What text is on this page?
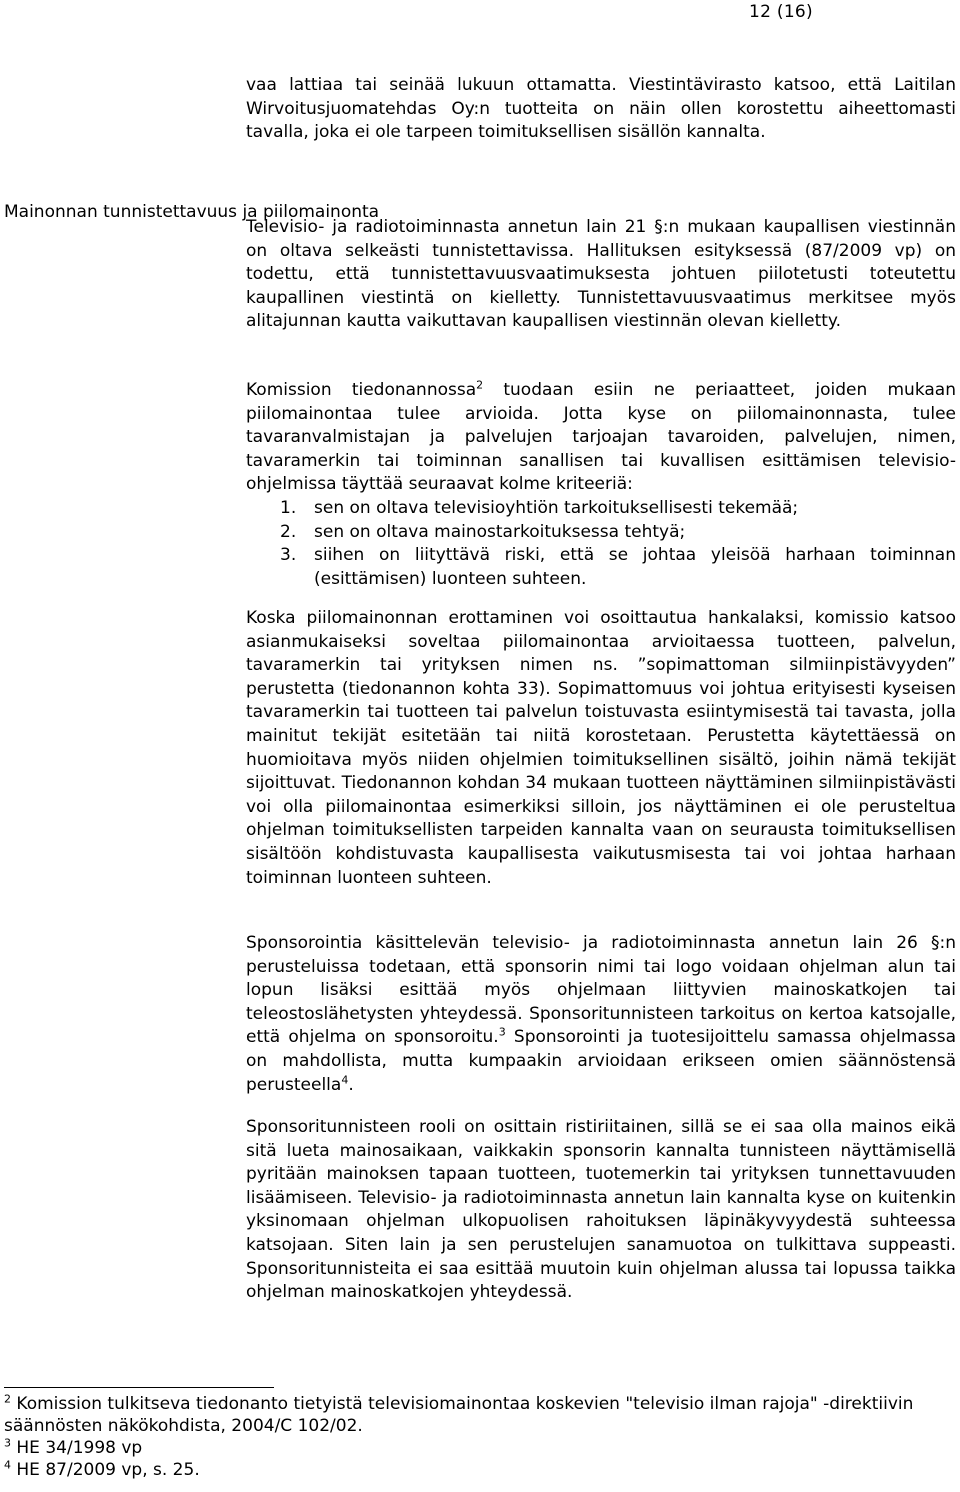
12 (16)
Mainonnan tunnistettavuus ja piilomainonta

vaa lattiaa tai seinää lukuun ottamatta. Viestintävirasto katsoo, että Laitilan Wirvoitusjuomatehdas Oy:n tuotteita on näin ollen korostettu aiheettomasti tavalla, joka ei ole tarpeen toimituksellisen sisällön kannalta.

Televisio- ja radiotoiminnasta annetun lain 21 §:n mukaan kaupallisen viestinnän on oltava selkeästi tunnistettavissa. Hallituksen esityksessä (87/2009 vp) on todettu, että tunnistettavuusvaatimuksesta johtuen piilotetusti toteutettu kaupallinen viestintä on kielletty. Tunnistettavuusvaatimus merkitsee myös alitajunnan kautta vaikuttavan kaupallisen viestinnän olevan kielletty.

Komission tiedonannossa$^2$ tuodaan esiin ne periaatteet, joiden mukaan piilomainontaa tulee arvioida. Jotta kyse on piilomainonnasta, tulee tavaranvalmistajan ja palvelujen tarjoajan tavaroiden, palvelujen, nimen, tavaramerkin tai toiminnan sanallisen tai kuvallisen esittämisen televisio-ohjelmissa täyttää seuraavat kolme kriteeriä:

1. sen on oltava televisioyhtiön tarkoituksellisesti tekemää;
2. sen on oltava mainostarkoituksessa tehtyä;
3. siihen on liityttävä riski, että se johtaa yleisöä harhaan toiminnan (esittämisen) luonteen suhteen.

Koska piilomainonnan erottaminen voi osoittautua hankalaksi, komissio katsoo asianmukaiseksi soveltaa piilomainontaa arvioitaessa tuotteen, palvelun, tavaramerkin tai yrityksen nimen ns. ”sopimattoman silmiinpistävyyden” perustetta (tiedonannon kohta 33). Sopimattomuus voi johtua erityisesti kyseisen tavaramerkin tai tuotteen tai palvelun toistuvasta esiintymisestä tai tavasta, jolla mainitut tekijät esitetään tai niitä korostetaan. Perustetta käytettäessä on huomioitava myös niiden ohjelmien toimituksellinen sisältö, joihin nämä tekijät sijoittuvat. Tiedonannon kohdan 34 mukaan tuotteen näyttäminen silmiinpistävästi voi olla piilomainontaa esimerkiksi silloin, jos näyttäminen ei ole perusteltua ohjelman toimituksellisten tarpeiden kannalta vaan on seurausta toimituksellisen sisältöön kohdistuvasta kaupallisesta vaikutusmisesta tai voi johtaa harhaan toiminnan luonteen suhteen.

Sponsorointia käsittelevän televisio- ja radiotoiminnasta annetun lain 26 §:n perusteluissa todetaan, että sponsorin nimi tai logo voidaan ohjelman alun tai lopun lisäksi esittää myös ohjelmaan liittyvien mainoskatkojen tai teleostoslähetysten yhteydessä. Sponsoritunnisteen tarkoitus on kertoa katsojalle, että ohjelma on sponsoroitu.$^3$ Sponsorointi ja tuotesijoittelu samassa ohjelmassa on mahdollista, mutta kumpaakin arvioidaan erikseen omien säännöstensä perusteella$^4$.

Sponsoritunnisteen rooli on osittain ristiriitainen, sillä se ei saa olla mainos eikä sitä lueta mainosaikaan, vaikkakin sponsorin kannalta tunnisteen näyttämisellä pyritään mainoksen tapaan tuotteen, tuotemerkin tai yrityksen tunnettavuuden lisäämiseen. Televisio- ja radiotoiminnasta annetun lain kannalta kyse on kuitenkin yksinomaan ohjelman ulkopuolisen rahoituksen läpinäkyvyydestä suhteessa katsojaan. Siten lain ja sen perustelujen sanamuotoa on tulkittava suppeasti. Sponsoritunnisteita ei saa esittää muutoin kuin ohjelman alussa tai lopussa taikka ohjelman mainoskatkojen yhteydessä.

$^2$ Komission tulkitseva tiedonanto tietyistä televisiomainontaa koskevien "televisio ilman rajoja" -direktiivin säännösten näkökohdista, 2004/C 102/02.

$^3$ HE 34/1998 vp

$^4$ HE 87/2009 vp, s. 25.
